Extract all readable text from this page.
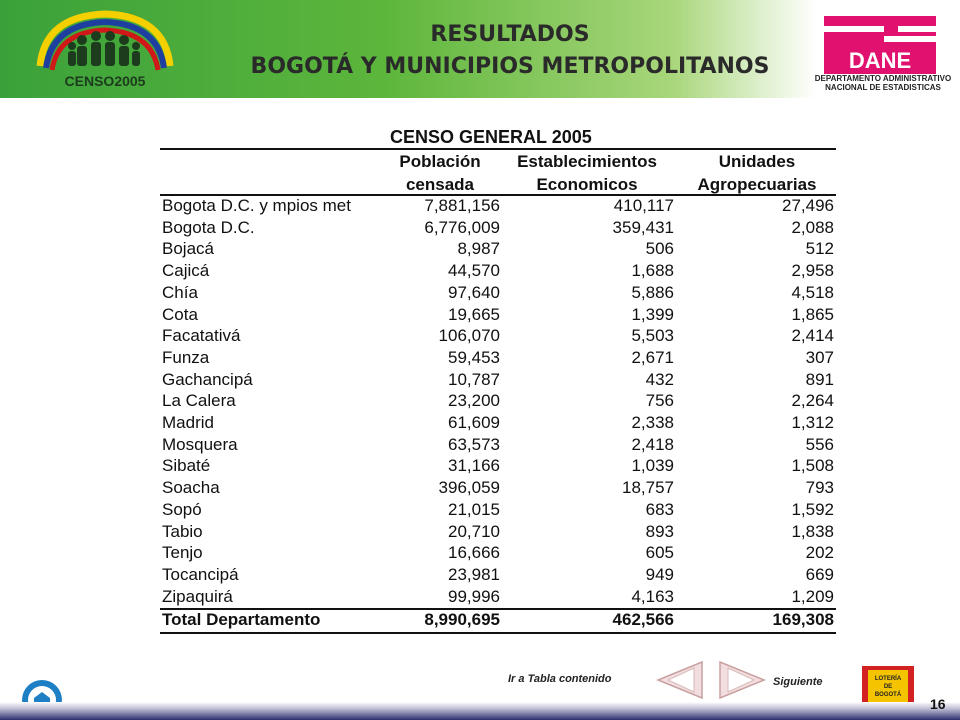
CENSO2005
RESULTADOS
BOGOTÁ Y MUNICIPIOS METROPOLITANOS	DANE
DEPARTAMENTO ADMINISTRATIVO
NACIONAL DE ESTADISTICAS
CENSO GENERAL 2005
Población
censada
Establecimientos
Economicos
Unidades
Agropecuarias
Bogota D.C. y mpios met	7,881,156	410,117	27,496
Bogota D.C.	6,776,009	359,431	2,088
Bojacá	8,987	506	512
Cajicá	44,570	1,688	2,958
Chía	97,640	5,886	4,518
Cota	19,665	1,399	1,865
Facatativá	106,070	5,503	2,414
Funza	59,453	2,671	307
Gachancipá	10,787	432	891
La Calera	23,200	756	2,264
Madrid	61,609	2,338	1,312
Mosquera	63,573	2,418	556
Sibaté	31,166	1,039	1,508
Soacha	396,059	18,757	793
Sopó	21,015	683	1,592
Tabio	20,710	893	1,838
Tenjo	16,666	605	202
Tocancipá	23,981	949	669
Zipaquirá	99,996	4,163	1,209
Total Departamento	8,990,695	462,566	169,308
Ir a Tabla contenido	Siguiente	LOTERÍA
DE
BOGOTÁ
16
